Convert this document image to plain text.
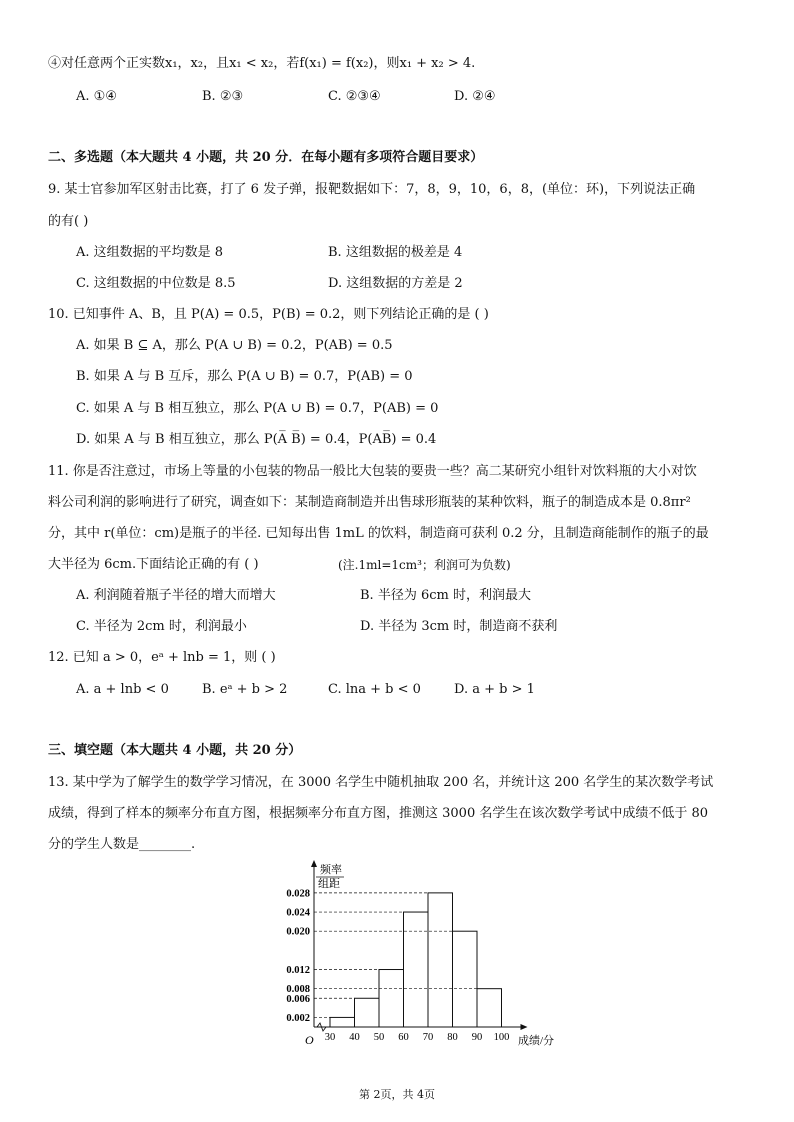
④对任意两个正实数x₁，x₂，且x₁ < x₂，若f(x₁) = f(x₂)，则x₁ + x₂ > 4.
A. ①④	B. ②③	C. ②③④	D. ②④
二、多选题（本大题共 4 小题，共 20 分．在每小题有多项符合题目要求）
9. 某士官参加军区射击比赛，打了 6 发子弹，报靶数据如下：7，8，9，10，6，8，(单位：环)，下列说法正确
的有( )
A. 这组数据的平均数是 8	B. 这组数据的极差是 4
C. 这组数据的中位数是 8.5	D. 这组数据的方差是 2
10. 已知事件 A、B，且 P(A) = 0.5，P(B) = 0.2，则下列结论正确的是 ( )
A. 如果 B ⊆ A，那么 P(A ∪ B) = 0.2，P(AB) = 0.5
B. 如果 A 与 B 互斥，那么 P(A ∪ B) = 0.7，P(AB) = 0
C. 如果 A 与 B 相互独立，那么 P(A ∪ B) = 0.7，P(AB) = 0
D. 如果 A 与 B 相互独立，那么 P(A̅ B̅) = 0.4，P(AB̅) = 0.4
11. 你是否注意过，市场上等量的小包装的物品一般比大包装的要贵一些？高二某研究小组针对饮料瓶的大小对饮
料公司利润的影响进行了研究，调查如下：某制造商制造并出售球形瓶装的某种饮料，瓶子的制造成本是 0.8πr²
分，其中 r(单位：cm)是瓶子的半径. 已知每出售 1mL 的饮料，制造商可获利 0.2 分，且制造商能制作的瓶子的最
大半径为 6cm.下面结论正确的有 ( )	(注.1ml=1cm³；利润可为负数)
A. 利润随着瓶子半径的增大而增大	B. 半径为 6cm 时，利润最大
C. 半径为 2cm 时，利润最小	D. 半径为 3cm 时，制造商不获利
12. 已知 a > 0，eᵃ + lnb = 1，则 ( )
A. a + lnb < 0	B. eᵃ + b > 2	C. lna + b < 0	D. a + b > 1
三、填空题（本大题共 4 小题，共 20 分）
13. 某中学为了解学生的数学学习情况，在 3000 名学生中随机抽取 200 名，并统计这 200 名学生的某次数学考试
成绩，得到了样本的频率分布直方图，根据频率分布直方图，推测这 3000 名学生在该次数学考试中成绩不低于 80
分的学生人数是________.
频率
组距
成绩/分
O
0.028
0.024
0.020
0.012
0.008
0.006
0.002
30 40 50 60 70 80 90 100
第 2页，共 4页
